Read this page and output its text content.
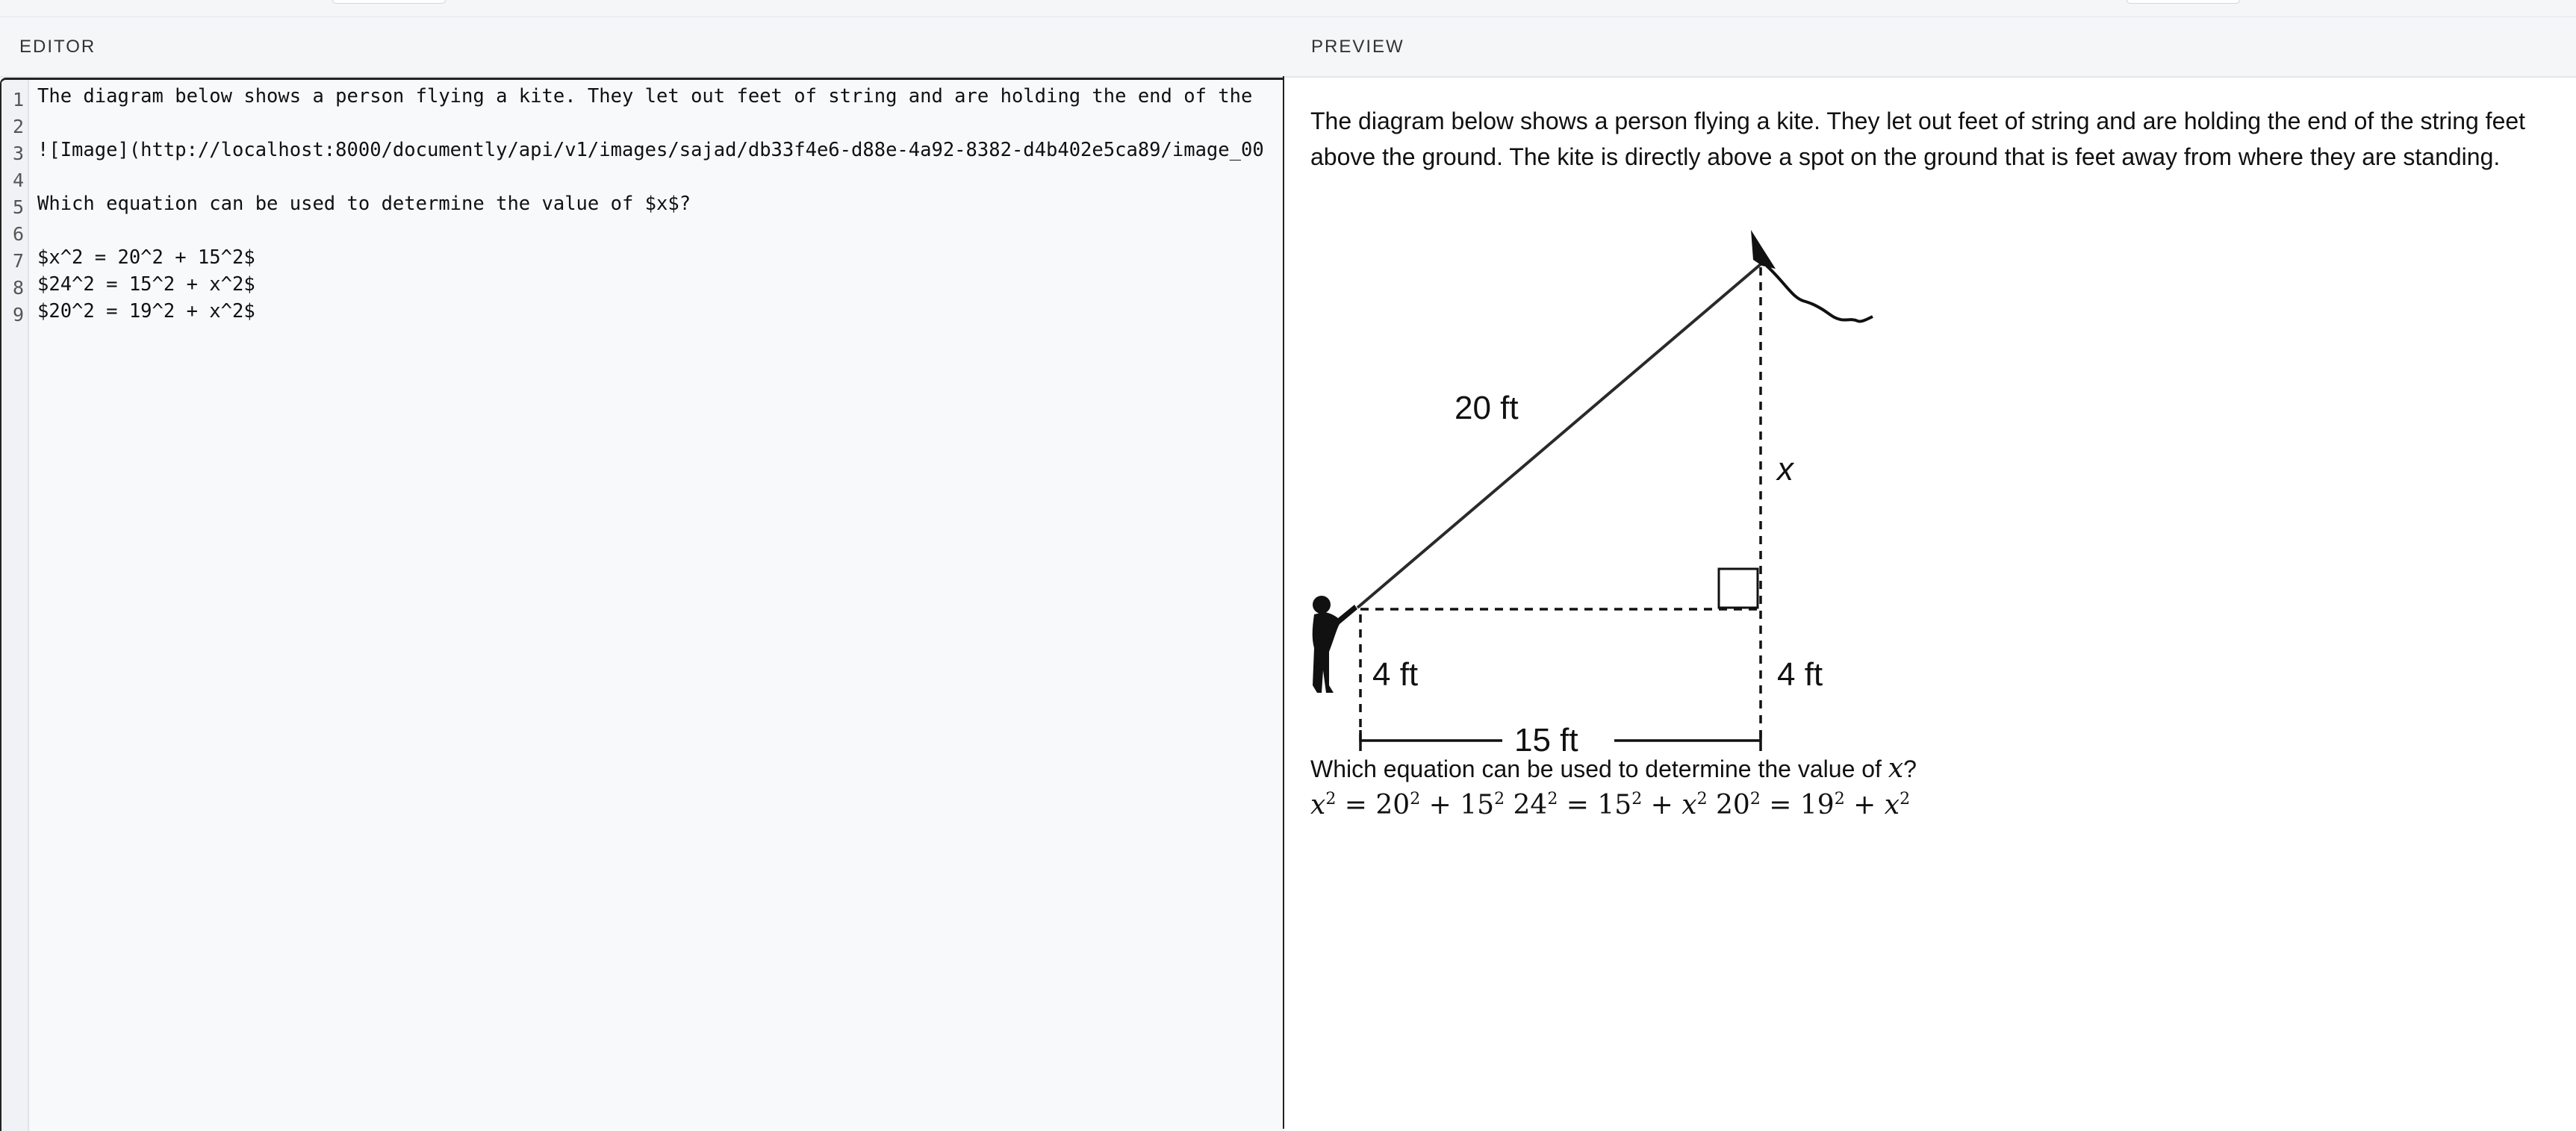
EDITOR
1
2
3
4
5
6
7
8
9

The diagram below shows a person flying a kite. They let out feet of string and are holding the end of the

![Image](http://localhost:8000/documently/api/v1/images/sajad/db33f4e6-d88e-4a92-8382-d4b402e5ca89/image_00

Which equation can be used to determine the value of $x$?

$x^2 = 20^2 + 15^2$

$24^2 = 15^2 + x^2$

$20^2 = 19^2 + x^2$

PREVIEW

The diagram below shows a person flying a kite. They let out feet of string and are holding the end of the string feet above the ground. The kite is directly above a spot on the ground that is feet away from where they are standing.

20 ft
x
4 ft	4 ft
15 ft
Which equation can be used to determine the value of x?
$x^2 = 20^2 + 15^2$ $24^2 = 15^2 + x^2$ $20^2 = 19^2 + x^2$
